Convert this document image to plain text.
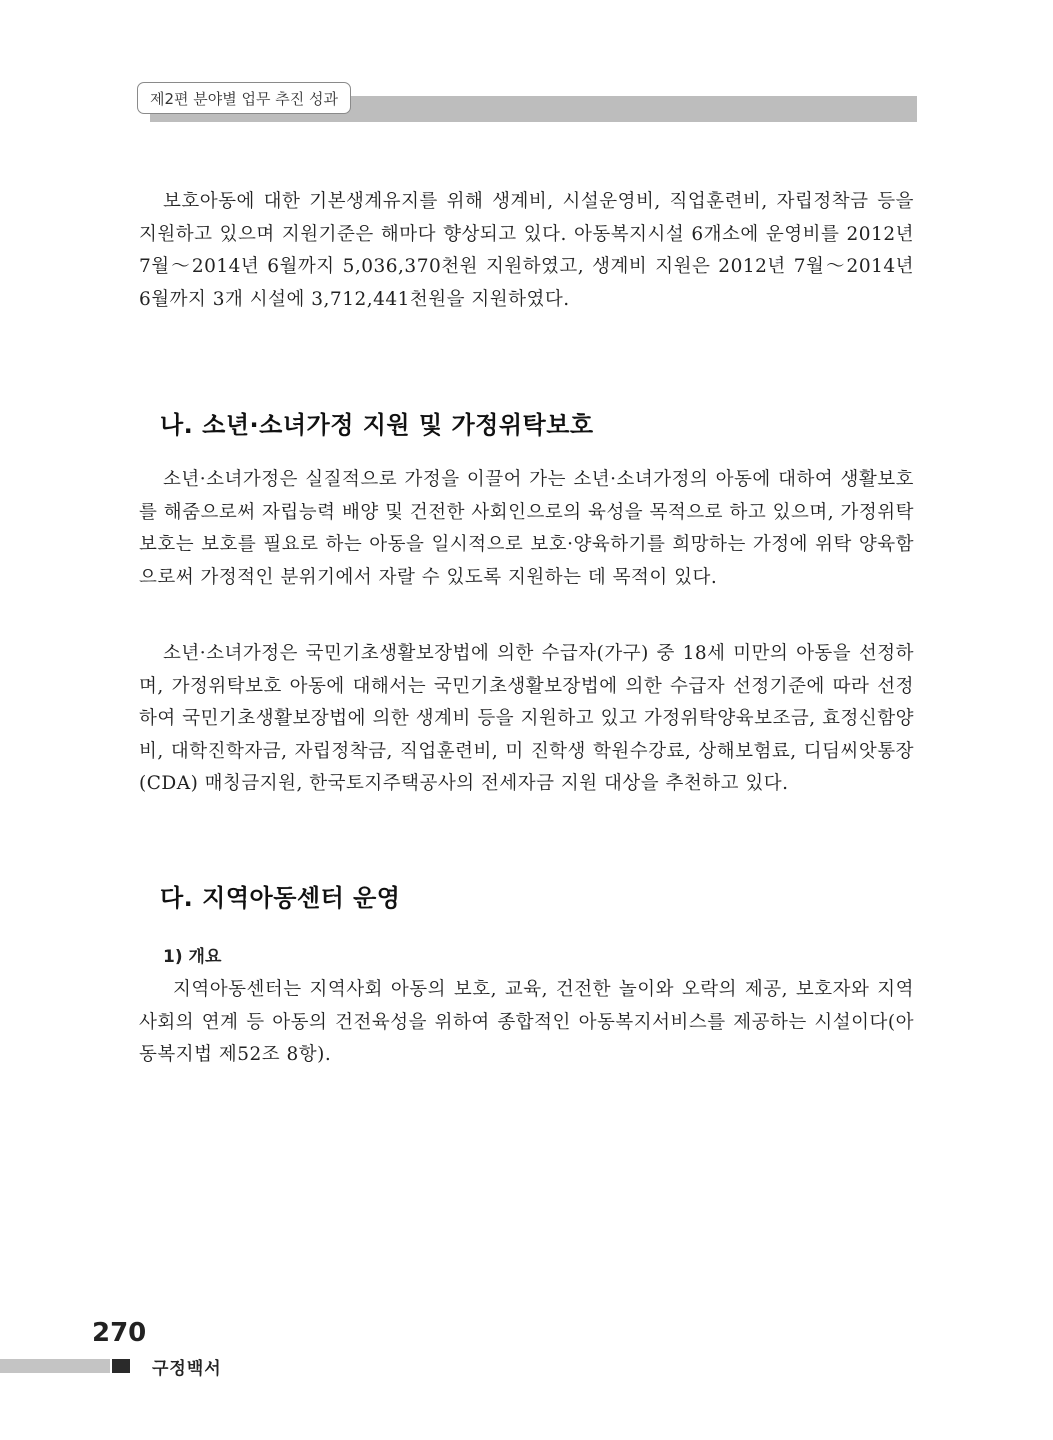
제2편 분야별 업무 추진 성과

보호아동에 대한 기본생계유지를 위해 생계비, 시설운영비, 직업훈련비, 자립정착금 등을 지원하고 있으며 지원기준은 해마다 향상되고 있다. 아동복지시설 6개소에 운영비를 2012년 7월～2014년 6월까지 5,036,370천원 지원하였고, 생계비 지원은 2012년 7월～2014년 6월까지 3개 시설에 3,712,441천원을 지원하였다.

나. 소년·소녀가정 지원 및 가정위탁보호

소년·소녀가정은 실질적으로 가정을 이끌어 가는 소년·소녀가정의 아동에 대하여 생활보호를 해줌으로써 자립능력 배양 및 건전한 사회인으로의 육성을 목적으로 하고 있으며, 가정위탁보호는 보호를 필요로 하는 아동을 일시적으로 보호·양육하기를 희망하는 가정에 위탁 양육함으로써 가정적인 분위기에서 자랄 수 있도록 지원하는 데 목적이 있다.

소년·소녀가정은 국민기초생활보장법에 의한 수급자(가구) 중 18세 미만의 아동을 선정하며, 가정위탁보호 아동에 대해서는 국민기초생활보장법에 의한 수급자 선정기준에 따라 선정하여 국민기초생활보장법에 의한 생계비 등을 지원하고 있고 가정위탁양육보조금, 효정신함양비, 대학진학자금, 자립정착금, 직업훈련비, 미 진학생 학원수강료, 상해보험료, 디딤씨앗통장(CDA) 매칭금지원, 한국토지주택공사의 전세자금 지원 대상을 추천하고 있다.

다. 지역아동센터 운영
1) 개요

지역아동센터는 지역사회 아동의 보호, 교육, 건전한 놀이와 오락의 제공, 보호자와 지역사회의 연계 등 아동의 건전육성을 위하여 종합적인 아동복지서비스를 제공하는 시설이다(아동복지법 제52조 8항).

270
구정백서
